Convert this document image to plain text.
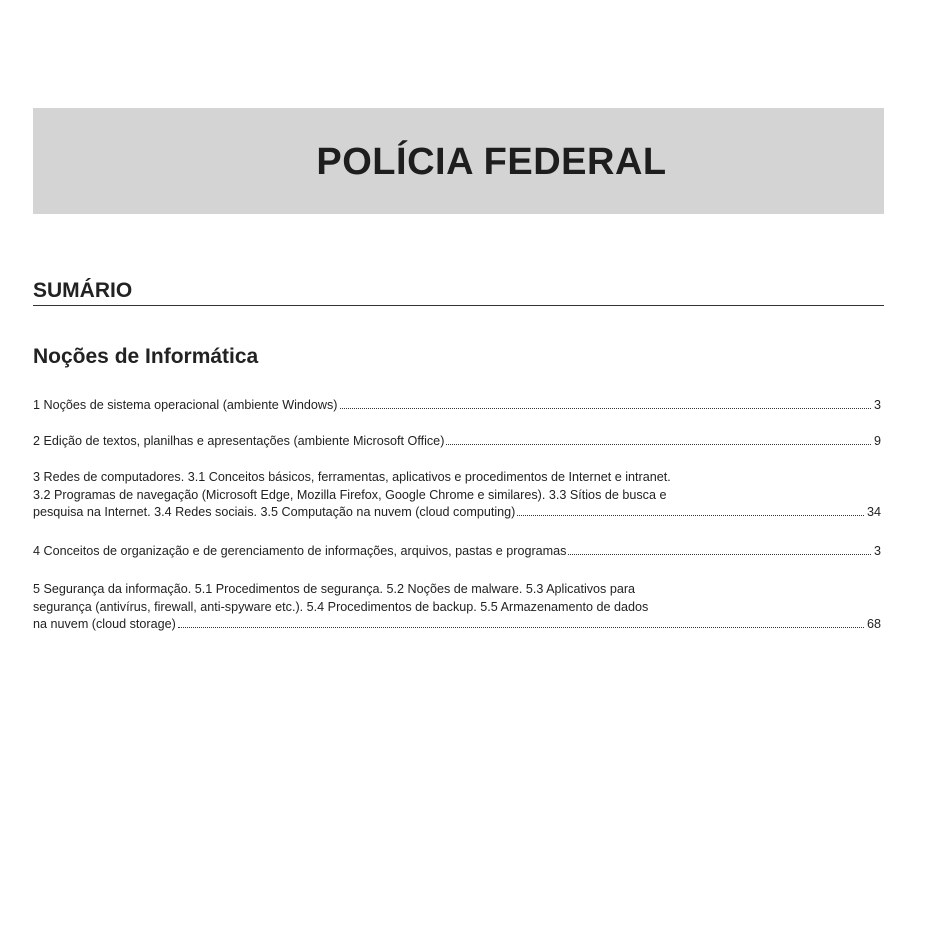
POLÍCIA FEDERAL
SUMÁRIO
Noções de Informática
1 Noções de sistema operacional (ambiente Windows)	3
2 Edição de textos, planilhas e apresentações (ambiente Microsoft Office)	9
3 Redes de computadores. 3.1 Conceitos básicos, ferramentas, aplicativos e procedimentos de Internet e intranet.
3.2 Programas de navegação (Microsoft Edge, Mozilla Firefox, Google Chrome e similares). 3.3 Sítios de busca e
pesquisa na Internet. 3.4 Redes sociais. 3.5 Computação na nuvem (cloud computing)	34
4 Conceitos de organização e de gerenciamento de informações, arquivos, pastas e programas	3
5 Segurança da informação. 5.1 Procedimentos de segurança. 5.2 Noções de malware. 5.3 Aplicativos para
segurança (antivírus, firewall, anti-spyware etc.). 5.4 Procedimentos de backup. 5.5 Armazenamento de dados
na nuvem (cloud storage)	68
